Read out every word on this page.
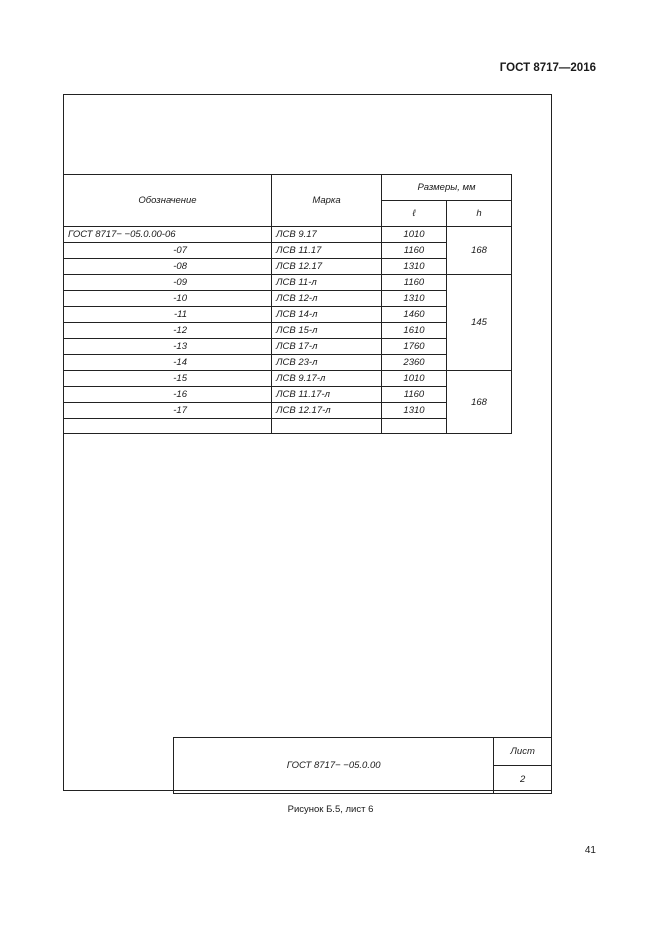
ГОСТ 8717—2016
Обозначение	Марка	Размеры, мм	
		ℓ	h
ГОСТ 8717− −05.0.00-06	ЛСВ 9.17	1010	168
-07	ЛСВ 11.17	1160	
-08	ЛСВ 12.17	1310	
-09	ЛСВ 11-л	1160	145
-10	ЛСВ 12-л	1310	
-11	ЛСВ 14-л	1460	
-12	ЛСВ 15-л	1610	
-13	ЛСВ 17-л	1760	
-14	ЛСВ 23-л	2360	
-15	ЛСВ 9.17-л	1010	168
-16	ЛСВ 11.17-л	1160	
-17	ЛСВ 12.17-л	1310	

ГОСТ 8717− −05.0.00	Лист
2
Рисунок Б.5, лист 6
41
